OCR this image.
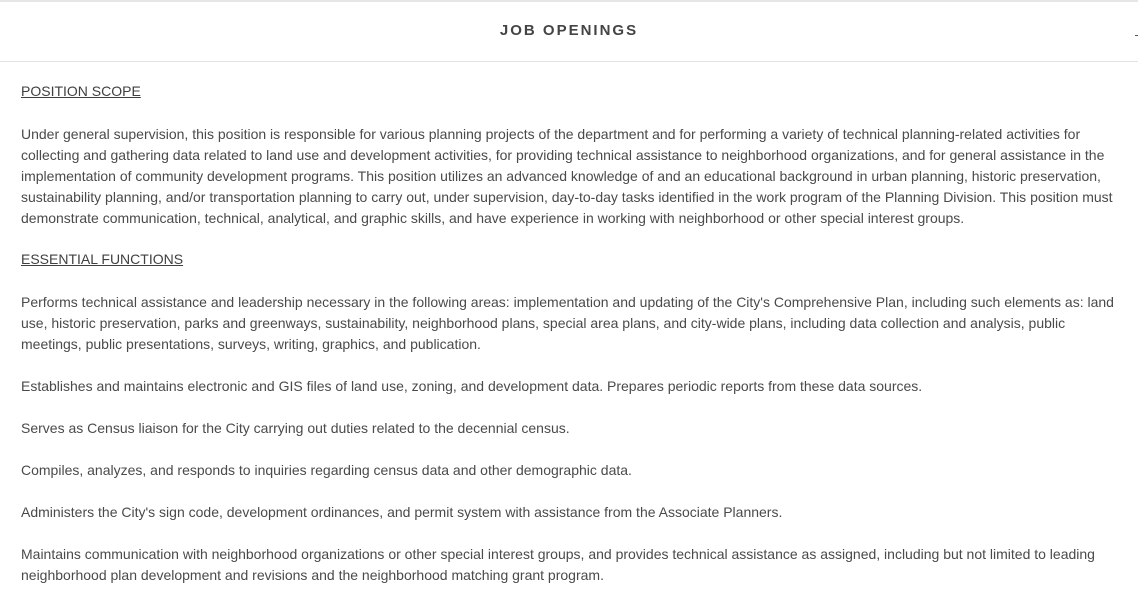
JOB OPENINGS
POSITION SCOPE

Under general supervision, this position is responsible for various planning projects of the department and for performing a variety of technical planning-related activities for collecting and gathering data related to land use and development activities, for providing technical assistance to neighborhood organizations, and for general assistance in the implementation of community development programs. This position utilizes an advanced knowledge of and an educational background in urban planning, historic preservation, sustainability planning, and/or transportation planning to carry out, under supervision, day-to-day tasks identified in the work program of the Planning Division. This position must demonstrate communication, technical, analytical, and graphic skills, and have experience in working with neighborhood or other special interest groups.

ESSENTIAL FUNCTIONS

Performs technical assistance and leadership necessary in the following areas: implementation and updating of the City's Comprehensive Plan, including such elements as: land use, historic preservation, parks and greenways, sustainability, neighborhood plans, special area plans, and city-wide plans, including data collection and analysis, public meetings, public presentations, surveys, writing, graphics, and publication.

Establishes and maintains electronic and GIS files of land use, zoning, and development data. Prepares periodic reports from these data sources.

Serves as Census liaison for the City carrying out duties related to the decennial census.

Compiles, analyzes, and responds to inquiries regarding census data and other demographic data.

Administers the City's sign code, development ordinances, and permit system with assistance from the Associate Planners.

Maintains communication with neighborhood organizations or other special interest groups, and provides technical assistance as assigned, including but not limited to leading neighborhood plan development and revisions and the neighborhood matching grant program.
